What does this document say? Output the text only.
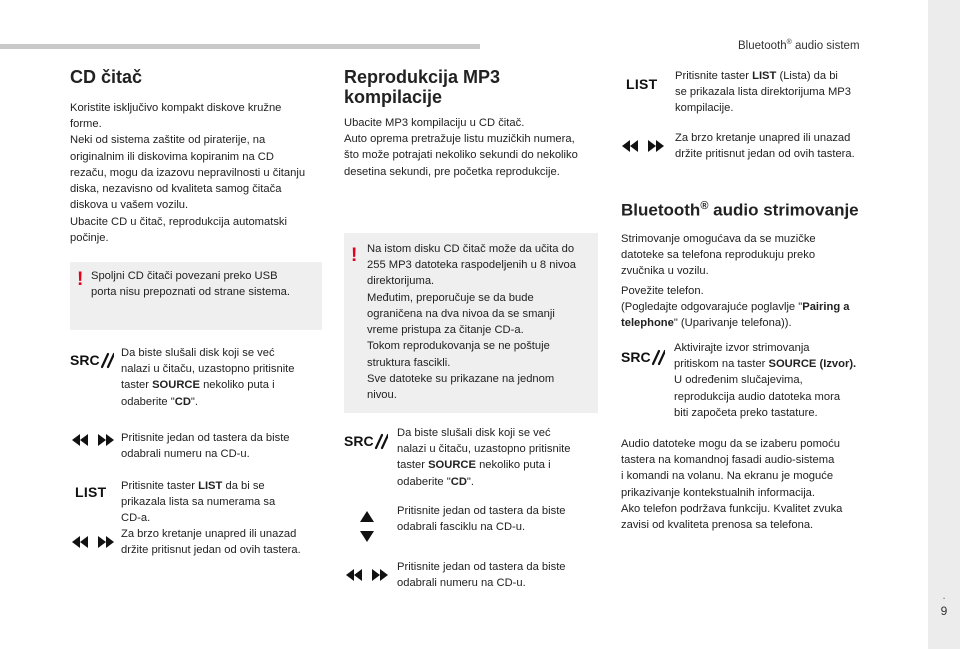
Bluetooth® audio sistem
.
9
CD čitač
Koristite isključivo kompakt diskove kružne
forme.
Neki od sistema zaštite od piraterije, na
originalnim ili diskovima kopiranim na CD
rezaču, mogu da izazovu nepravilnosti u čitanju
diska, nezavisno od kvaliteta samog čitača
diskova u vašem vozilu.
Ubacite CD u čitač, reprodukcija automatski
počinje.
! Spoljni CD čitači povezani preko USB
porta nisu prepoznati od strane sistema.
SRC Da biste slušali disk koji se već
nalazi u čitaču, uzastopno pritisnite
taster SOURCE nekoliko puta i
odaberite "CD".
Pritisnite jedan od tastera da biste
odabrali numeru na CD-u.
LIST Pritisnite taster LIST da bi se
prikazala lista sa numerama sa
CD-a.
Za brzo kretanje unapred ili unazad
držite pritisnut jedan od ovih tastera.
Reprodukcija MP3
kompilacije
Ubacite MP3 kompilaciju u CD čitač.
Auto oprema pretražuje listu muzičkih numera,
što može potrajati nekoliko sekundi do nekoliko
desetina sekundi, pre početka reprodukcije.
! Na istom disku CD čitač može da učita do
255 MP3 datoteka raspodeljenih u 8 nivoa
direktorijuma.
Međutim, preporučuje se da bude
ograničena na dva nivoa da se smanji
vreme pristupa za čitanje CD-a.
Tokom reprodukovanja se ne poštuje
struktura fascikli.
Sve datoteke su prikazane na jednom
nivou.
SRC Da biste slušali disk koji se već
nalazi u čitaču, uzastopno pritisnite
taster SOURCE nekoliko puta i
odaberite "CD".
Pritisnite jedan od tastera da biste
odabrali fasciklu na CD-u.
Pritisnite jedan od tastera da biste
odabrali numeru na CD-u.
LIST Pritisnite taster LIST (Lista) da bi
se prikazala lista direktorijuma MP3
kompilacije.
Za brzo kretanje unapred ili unazad
držite pritisnut jedan od ovih tastera.
Bluetooth® audio strimovanje
Strimovanje omogućava da se muzičke
datoteke sa telefona reprodukuju preko
zvučnika u vozilu.
Povežite telefon.
(Pogledajte odgovarajuće poglavlje "Pairing a
telephone" (Uparivanje telefona)).
SRC
Aktivirajte izvor strimovanja
pritiskom na taster SOURCE (Izvor).
U određenim slučajevima,
reprodukcija audio datoteka mora
biti započeta preko tastature.
Audio datoteke mogu da se izaberu pomoću
tastera na komandnoj fasadi audio-sistema
i komandi na volanu. Na ekranu je moguće
prikazivanje kontekstualnih informacija.
Ako telefon podržava funkciju. Kvalitet zvuka
zavisi od kvaliteta prenosa sa telefona.
